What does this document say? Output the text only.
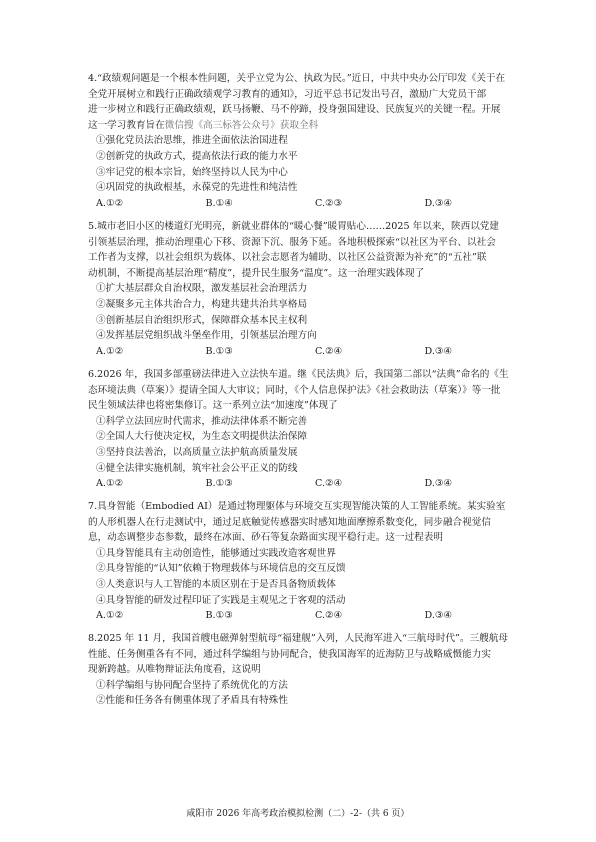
4.“政绩观问题是一个根本性问题，关乎立党为公、执政为民。”近日，中共中央办公厅印发《关于在
全党开展树立和践行正确政绩观学习教育的通知》，习近平总书记发出号召，激励广大党员干部
进一步树立和践行正确政绩观，跃马扬鞭、马不停蹄，投身强国建设、民族复兴的关键一程。开展
这一学习教育旨在微信搜《高三标答公众号》获取全科
①强化党员法治思维，推进全面依法治国进程
②创新党的执政方式，提高依法行政的能力水平
③牢记党的根本宗旨，始终坚持以人民为中心
④巩固党的执政根基，永葆党的先进性和纯洁性
A.①②	B.①④	C.②③	D.③④
5.城市老旧小区的楼道灯光明亮，新就业群体的“暖心餐”暖胃贴心……2025 年以来，陕西以党建
引领基层治理，推动治理重心下移、资源下沉、服务下延。各地积极探索“以社区为平台、以社会
工作者为支撑，以社会组织为载体、以社会志愿者为辅助、以社区公益资源为补充”的“五社”联
动机制，不断提高基层治理“精度”，提升民生服务“温度”。这一治理实践体现了
①扩大基层群众自治权限，激发基层社会治理活力
②凝聚多元主体共治合力，构建共建共治共享格局
③创新基层自治组织形式，保障群众基本民主权利
④发挥基层党组织战斗堡垒作用，引领基层治理方向
A.①②	B.①③	C.②④	D.③④
6.2026 年，我国多部重磅法律进入立法快车道。继《民法典》后，我国第二部以“法典”命名的《生
态环境法典（草案）》提请全国人大审议；同时，《个人信息保护法》《社会救助法（草案）》等一批
民生领域法律也将密集修订。这一系列立法“加速度”体现了
①科学立法回应时代需求，推动法律体系不断完善
②全国人大行使决定权，为生态文明提供法治保障
③坚持良法善治，以高质量立法护航高质量发展
④健全法律实施机制，筑牢社会公平正义的防线
A.①②	B.①③	C.②④	D.③④
7.具身智能（Embodied AI）是通过物理躯体与环境交互实现智能决策的人工智能系统。某实验室
的人形机器人在行走测试中，通过足底触觉传感器实时感知地面摩擦系数变化，同步融合视觉信
息，动态调整步态参数，最终在冰面、砂石等复杂路面实现平稳行走。这一过程表明
①具身智能具有主动创造性，能够通过实践改造客观世界
②具身智能的“认知”依赖于物理载体与环境信息的交互反馈
③人类意识与人工智能的本质区别在于是否具备物质载体
④具身智能的研发过程印证了实践是主观见之于客观的活动
A.①②	B.①③	C.②④	D.③④
8.2025 年 11 月，我国首艘电磁弹射型航母“福建舰”入列，人民海军进入“三航母时代”。三艘航母
性能、任务侧重各有不同，通过科学编组与协同配合，使我国海军的近海防卫与战略威慑能力实
现新跨越。从唯物辩证法角度看，这说明
①科学编组与协同配合坚持了系统优化的方法
②性能和任务各有侧重体现了矛盾具有特殊性
咸阳市 2026 年高考政治模拟检测（二）-2-（共 6 页）
